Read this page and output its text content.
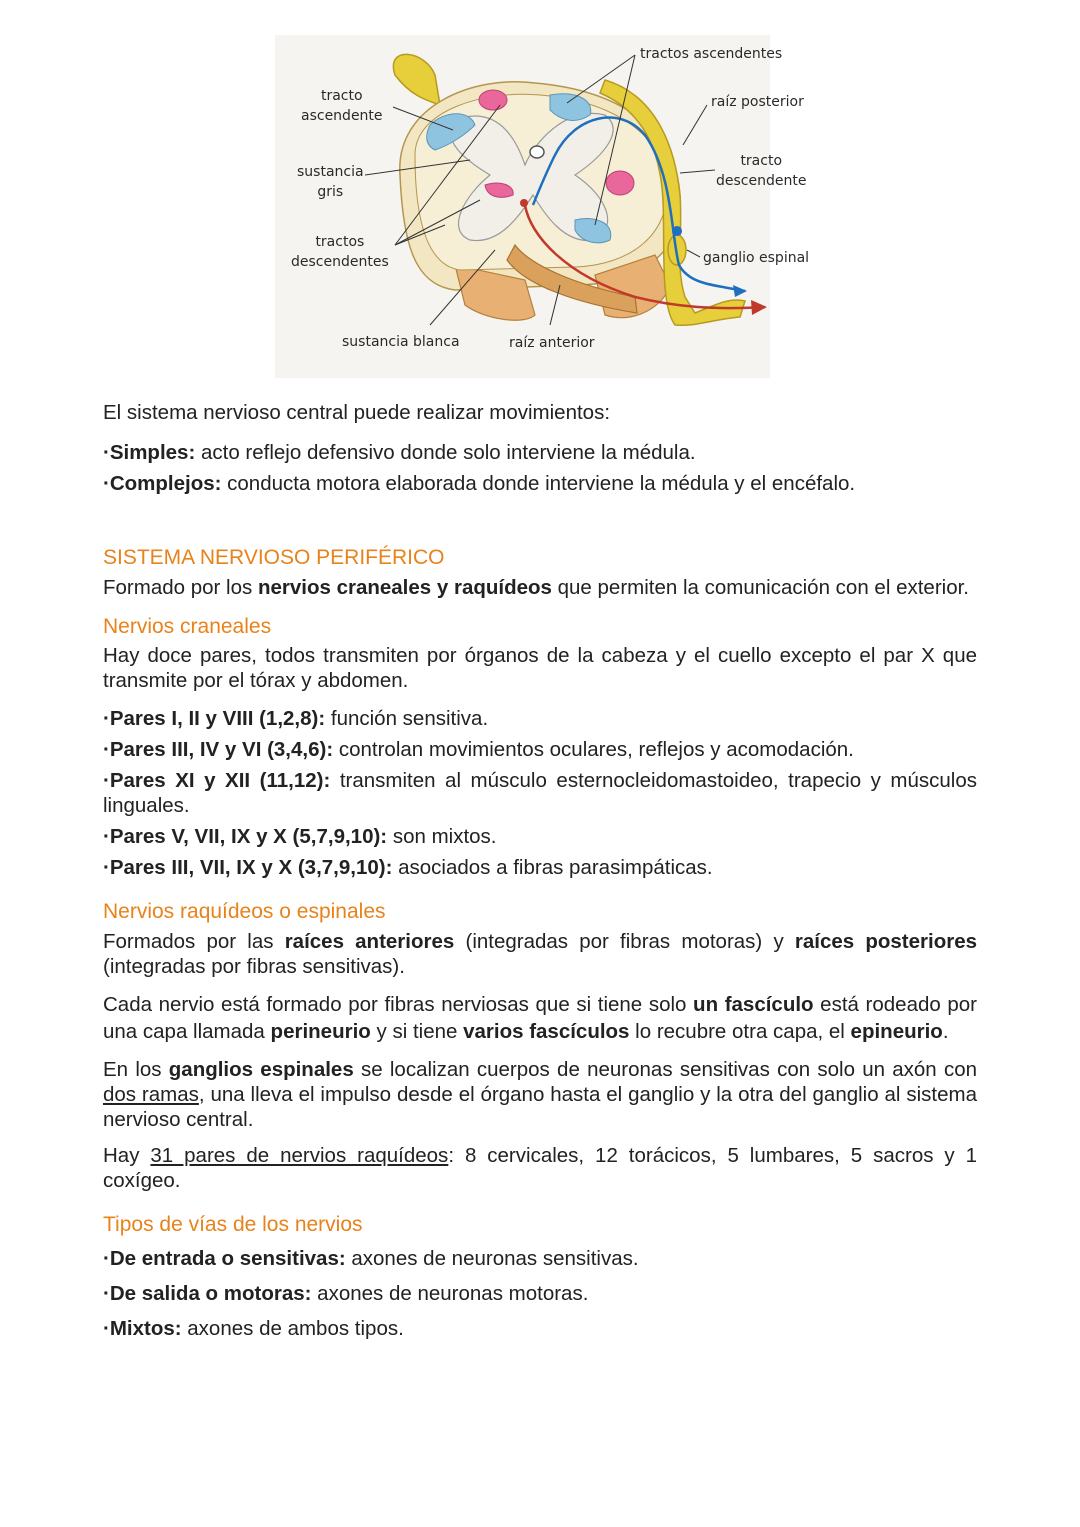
tracto
ascendente
sustancia
gris
tractos
descendentes
sustancia blanca	raíz anterior
tractos ascendentes
raíz posterior
tracto
descendente
ganglio espinal

El sistema nervioso central puede realizar movimientos:

·Simples: acto reflejo defensivo donde solo interviene la médula.

·Complejos: conducta motora elaborada donde interviene la médula y el encéfalo.

SISTEMA NERVIOSO PERIFÉRICO

Formado por los nervios craneales y raquídeos que permiten la comunicación con el exterior.

Nervios craneales

Hay doce pares, todos transmiten por órganos de la cabeza y el cuello excepto el par X que transmite por el tórax y abdomen.

·Pares I, II y VIII (1,2,8): función sensitiva.

·Pares III, IV y VI (3,4,6): controlan movimientos oculares, reflejos y acomodación.

·Pares XI y XII (11,12): transmiten al músculo esternocleidomastoideo, trapecio y músculos linguales.

·Pares V, VII, IX y X (5,7,9,10): son mixtos.

·Pares III, VII, IX y X (3,7,9,10): asociados a fibras parasimpáticas.

Nervios raquídeos o espinales

Formados por las raíces anteriores (integradas por fibras motoras) y raíces posteriores (integradas por fibras sensitivas).

Cada nervio está formado por fibras nerviosas que si tiene solo un fascículo está rodeado por una capa llamada perineurio y si tiene varios fascículos lo recubre otra capa, el epineurio.

En los ganglios espinales se localizan cuerpos de neuronas sensitivas con solo un axón con dos ramas, una lleva el impulso desde el órgano hasta el ganglio y la otra del ganglio al sistema nervioso central.

Hay 31 pares de nervios raquídeos: 8 cervicales, 12 torácicos, 5 lumbares, 5 sacros y 1 coxígeo.

Tipos de vías de los nervios

·De entrada o sensitivas: axones de neuronas sensitivas.

·De salida o motoras: axones de neuronas motoras.

·Mixtos: axones de ambos tipos.
